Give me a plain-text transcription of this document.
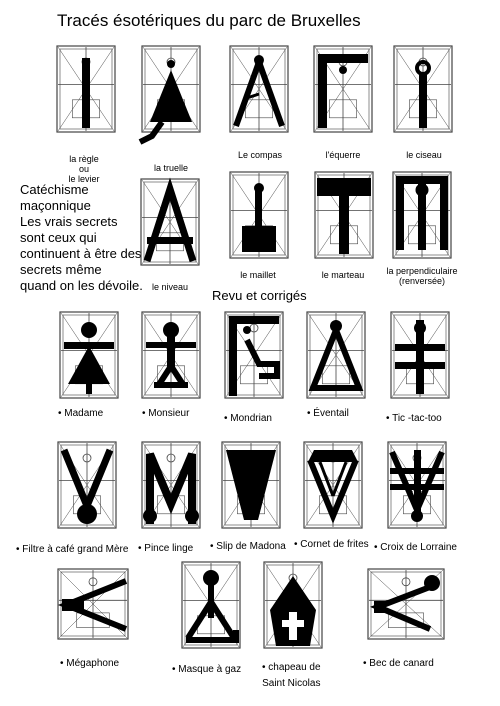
Tracés ésotériques du parc de Bruxelles
Catéchisme
maçonnique
Les vrais secrets
sont ceux qui
continuent à être des
secrets même
quand on les dévoile.
Revu et corrigés
la règle
ou
le levier
la truelle
Le compas	l'équerre	le ciseau
le niveau
le maillet	le marteau	la perpendiculaire
(renversée)
• Madame	• Monsieur	• Mondrian	• Éventail	• Tic -tac-too
• Filtre à café grand Mère • Pince linge • Slip de Madona • Cornet de frites • Croix de Lorraine
• Mégaphone
• Masque à gaz • chapeau de
Saint Nicolas
• Bec de canard
